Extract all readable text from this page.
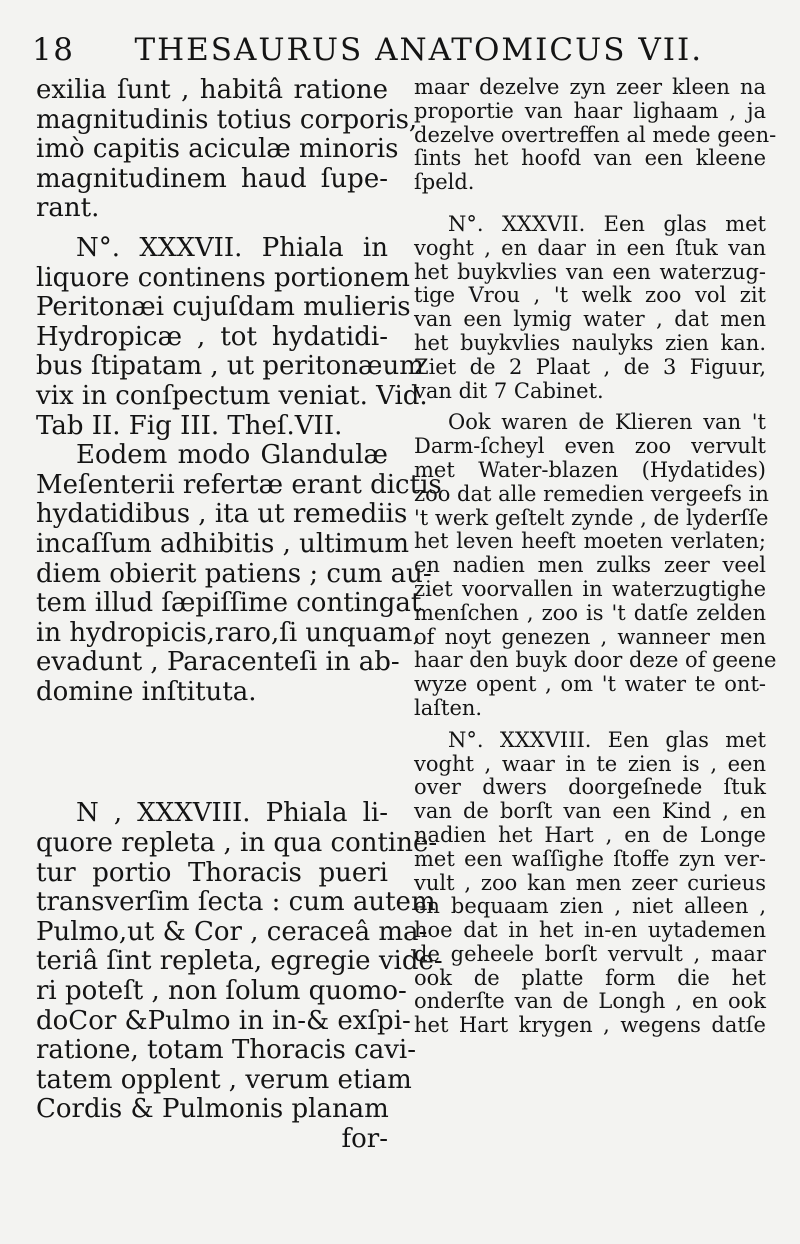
18 THESAURUS ANATOMICUS VII.
exilia ſunt , habitâ ratione
magnitudinis totius corporis,
imò capitis aciculæ minoris
magnitudinem haud ſupe-
rant.
N°. XXXVII. Phiala in
liquore continens portionem
Peritonæi cujuſdam mulieris
Hydropicæ , tot hydatidi-
bus ſtipatam , ut peritonæum
vix in conſpectum veniat. Vid.
Tab II. Fig III. Theſ.VII.
Eodem modo Glandulæ
Meſenterii refertæ erant dictis
hydatidibus , ita ut remediis
incaſſum adhibitis , ultimum
diem obierit patiens ; cum au-
tem illud ſæpiſſime contingat
in hydropicis,raro,ſi unquam,
evadunt , Paracenteſi in ab-
domine inſtituta.
N , XXXVIII. Phiala li-
quore repleta , in qua contine-
tur portio Thoracis pueri
transverſim ſecta : cum autem
Pulmo,ut & Cor , ceraceâ ma-
teriâ ſint repleta, egregie vide-
ri poteſt , non ſolum quomo-
doCor &Pulmo in in-& exſpi-
ratione, totam Thoracis cavi-
tatem opplent , verum etiam
Cordis & Pulmonis planam
for-
maar dezelve zyn zeer kleen na
proportie van haar lighaam , ja
dezelve overtreffen al mede geen-
ſints het hoofd van een kleene
ſpeld.
N°. XXXVII. Een glas met
voght , en daar in een ſtuk van
het buykvlies van een waterzug-
tige Vrou , 't welk zoo vol zit
van een lymig water , dat men
het buykvlies naulyks zien kan.
Ziet de 2 Plaat , de 3 Figuur,
van dit 7 Cabinet.
Ook waren de Klieren van 't
Darm-ſcheyl even zoo vervult
met Water-blazen (Hydatides)
zoo dat alle remedien vergeefs in
't werk geſtelt zynde , de lyderſſe
het leven heeft moeten verlaten;
en nadien men zulks zeer veel
ziet voorvallen in waterzugtighe
menſchen , zoo is 't datſe zelden
of noyt genezen , wanneer men
haar den buyk door deze of geene
wyze opent , om 't water te ont-
laſten.
N°. XXXVIII. Een glas met
voght , waar in te zien is , een
over dwers doorgeſnede ſtuk
van de borſt van een Kind , en
nadien het Hart , en de Longe
met een waſſighe ſtoffe zyn ver-
vult , zoo kan men zeer curieus
en bequaam zien , niet alleen ,
hoe dat in het in-en uytademen
de geheele borſt vervult , maar
ook de platte form die het
onderſte van de Longh , en ook
het Hart krygen , wegens datſe
